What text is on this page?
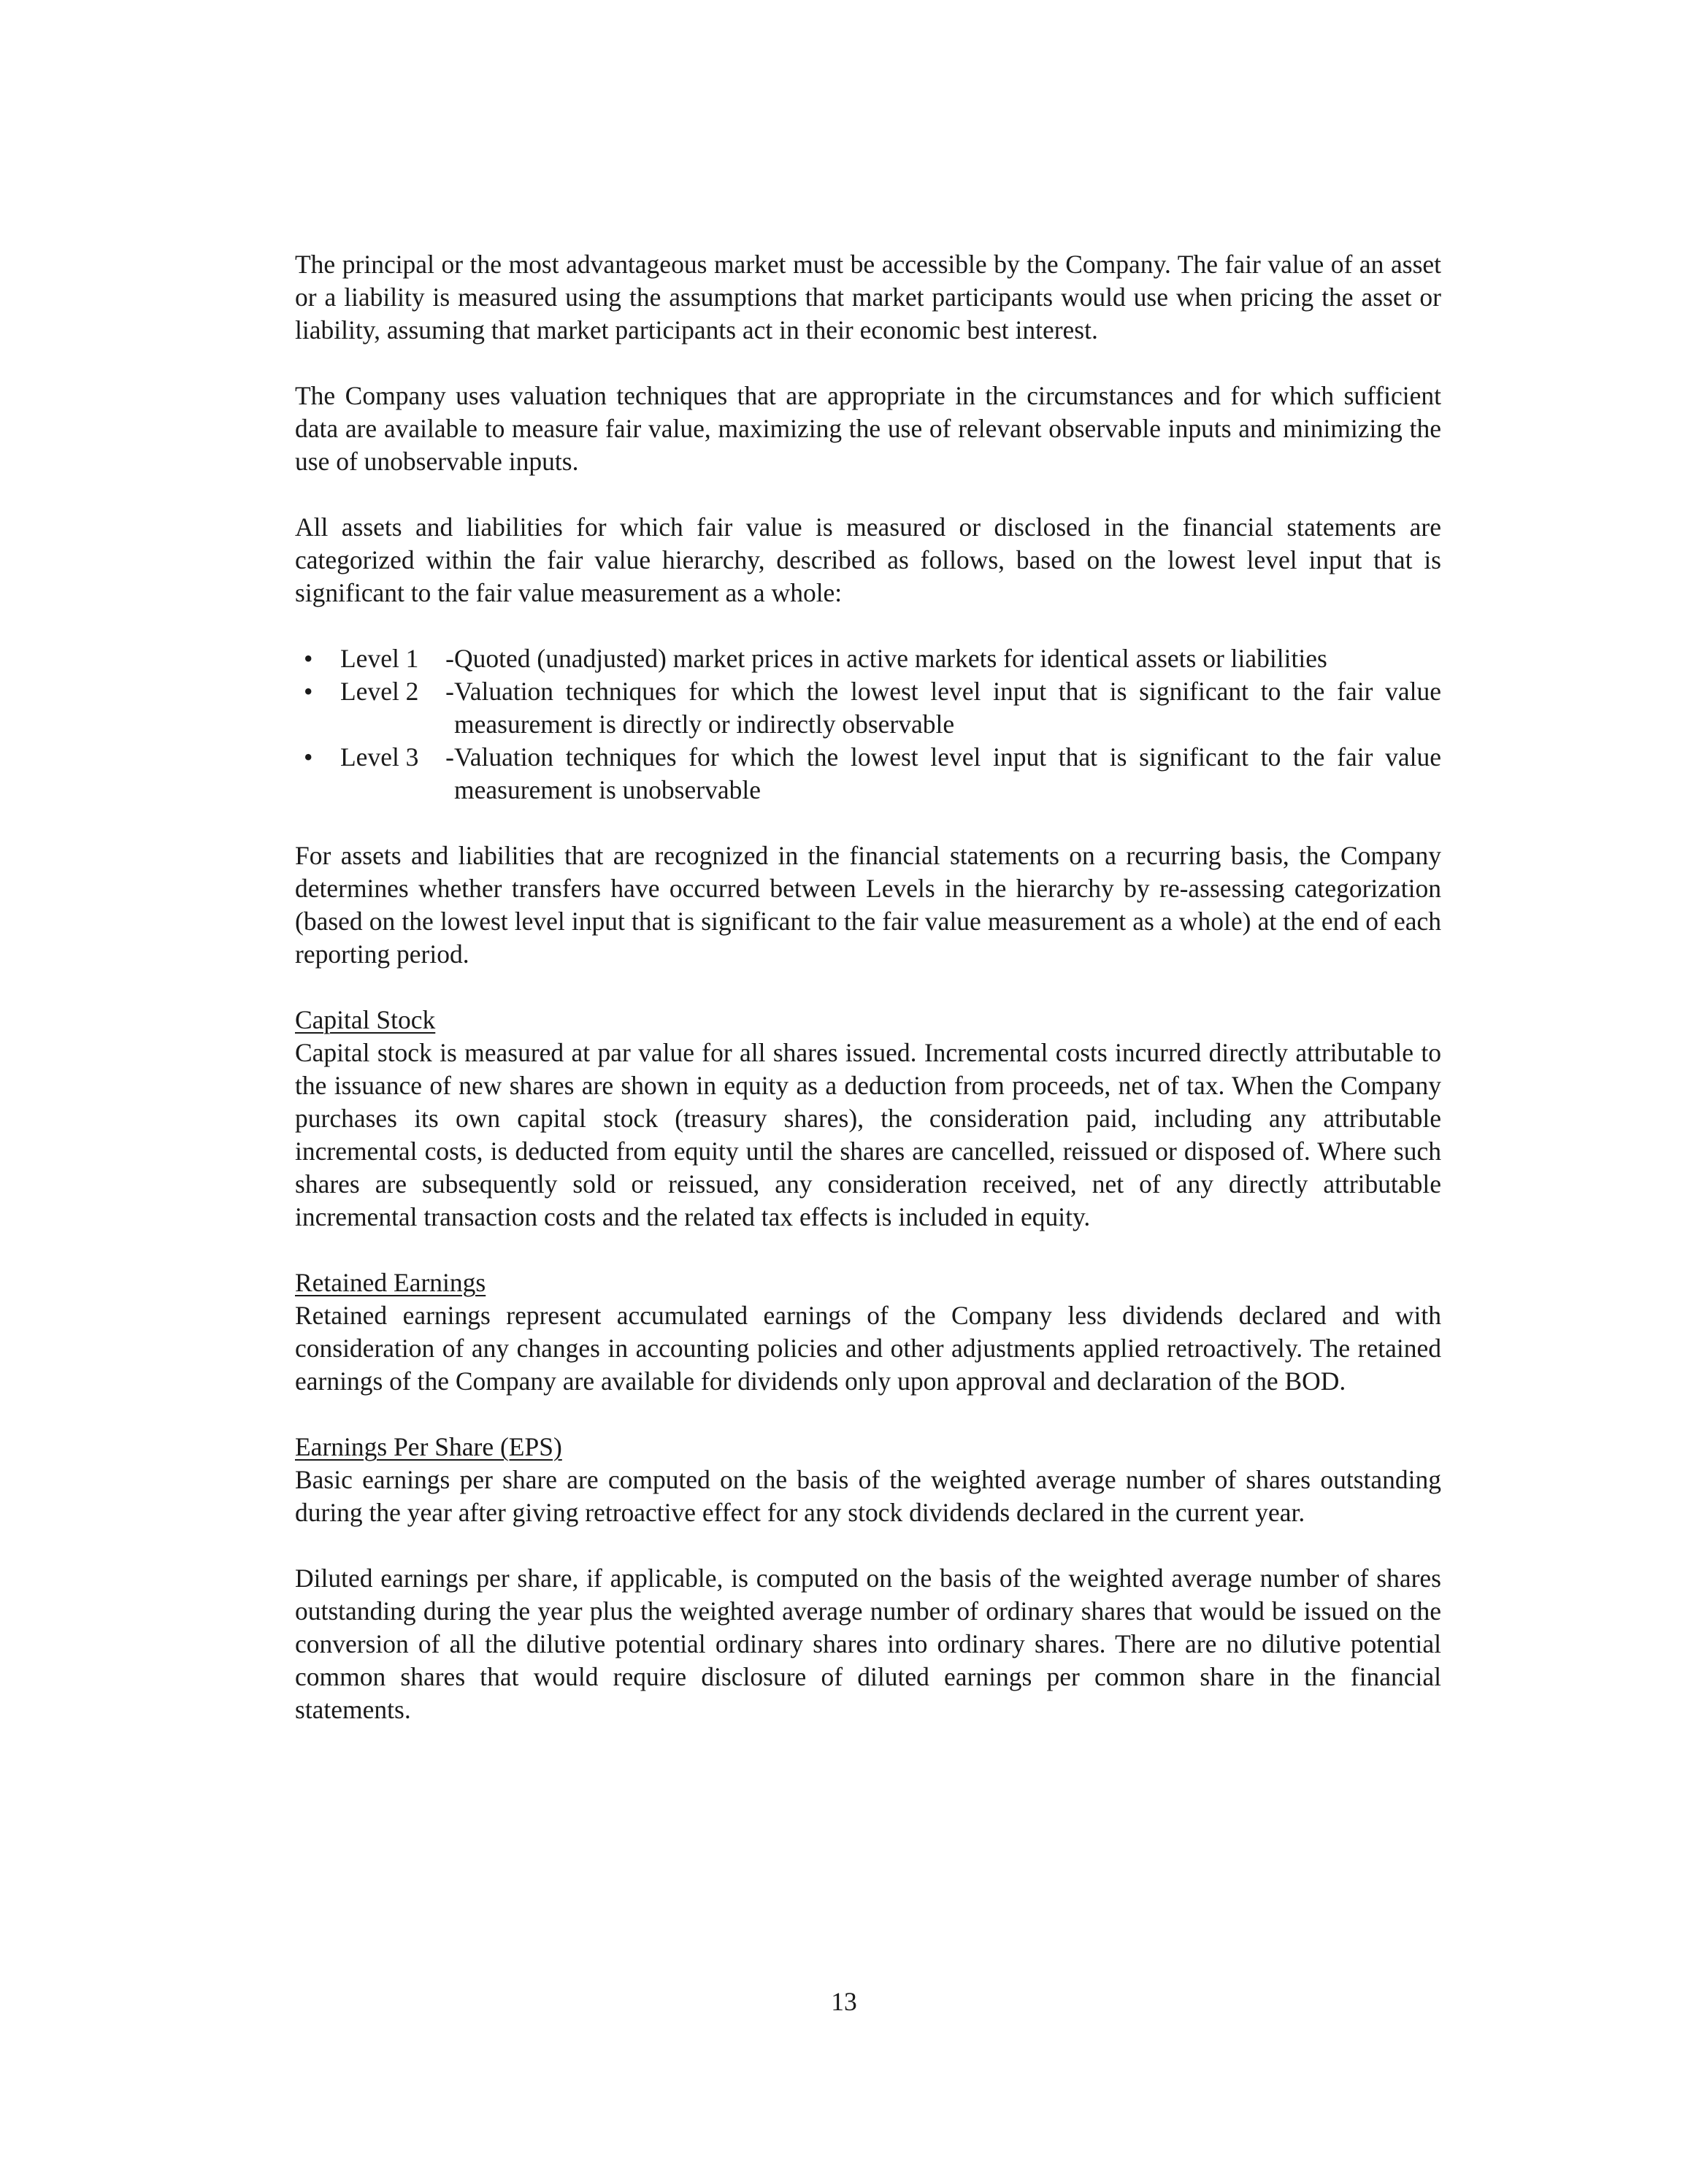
The principal or the most advantageous market must be accessible by the Company. The fair value of an asset or a liability is measured using the assumptions that market participants would use when pricing the asset or liability, assuming that market participants act in their economic best interest.

The Company uses valuation techniques that are appropriate in the circumstances and for which sufficient data are available to measure fair value, maximizing the use of relevant observable inputs and minimizing the use of unobservable inputs.

All assets and liabilities for which fair value is measured or disclosed in the financial statements are categorized within the fair value hierarchy, described as follows, based on the lowest level input that is significant to the fair value measurement as a whole:

• Level 1 - Quoted (unadjusted) market prices in active markets for identical assets or liabilities
• Level 2 - Valuation techniques for which the lowest level input that is significant to the fair value measurement is directly or indirectly observable
• Level 3 - Valuation techniques for which the lowest level input that is significant to the fair value measurement is unobservable

For assets and liabilities that are recognized in the financial statements on a recurring basis, the Company determines whether transfers have occurred between Levels in the hierarchy by re-assessing categorization (based on the lowest level input that is significant to the fair value measurement as a whole) at the end of each reporting period.

Capital Stock

Capital stock is measured at par value for all shares issued. Incremental costs incurred directly attributable to the issuance of new shares are shown in equity as a deduction from proceeds, net of tax. When the Company purchases its own capital stock (treasury shares), the consideration paid, including any attributable incremental costs, is deducted from equity until the shares are cancelled, reissued or disposed of. Where such shares are subsequently sold or reissued, any consideration received, net of any directly attributable incremental transaction costs and the related tax effects is included in equity.

Retained Earnings

Retained earnings represent accumulated earnings of the Company less dividends declared and with consideration of any changes in accounting policies and other adjustments applied retroactively. The retained earnings of the Company are available for dividends only upon approval and declaration of the BOD.

Earnings Per Share (EPS)

Basic earnings per share are computed on the basis of the weighted average number of shares outstanding during the year after giving retroactive effect for any stock dividends declared in the current year.

Diluted earnings per share, if applicable, is computed on the basis of the weighted average number of shares outstanding during the year plus the weighted average number of ordinary shares that would be issued on the conversion of all the dilutive potential ordinary shares into ordinary shares. There are no dilutive potential common shares that would require disclosure of diluted earnings per common share in the financial statements.

13
